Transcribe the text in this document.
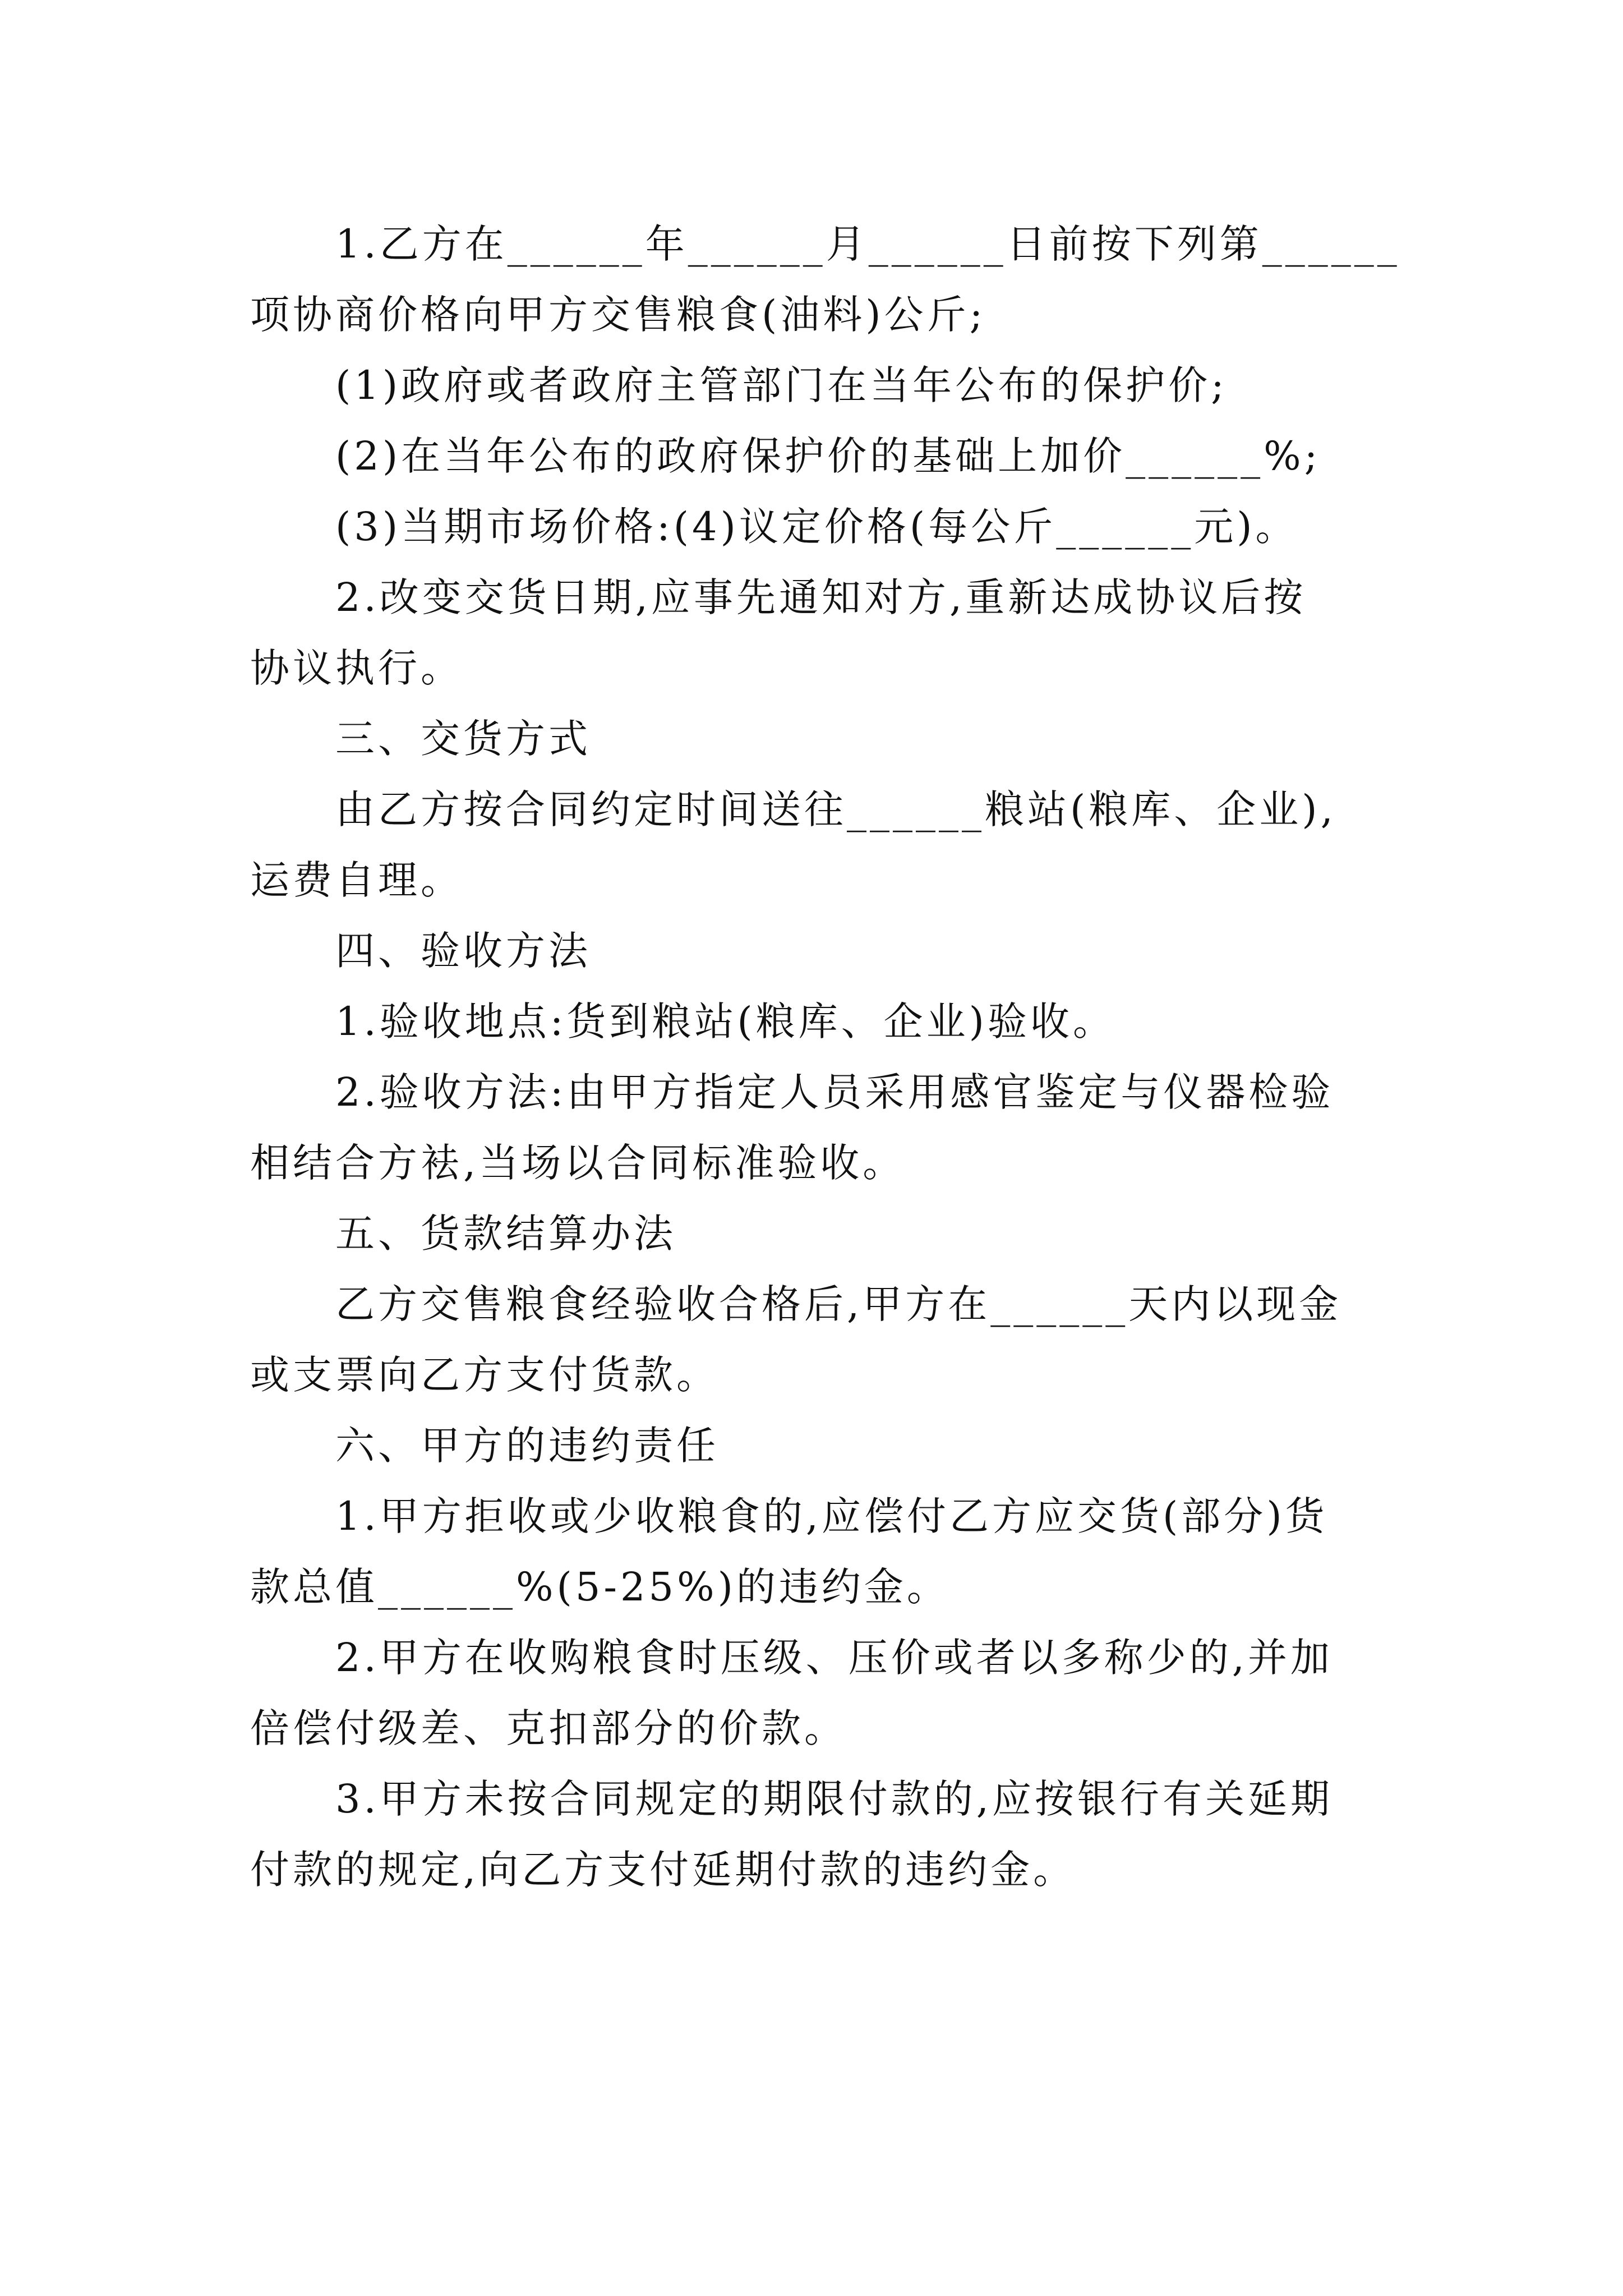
1.乙方在______年______月______日前按下列第______
项协商价格向甲方交售粮食(油料)公斤;
(1)政府或者政府主管部门在当年公布的保护价;
(2)在当年公布的政府保护价的基础上加价______%;
(3)当期市场价格:(4)议定价格(每公斤______元)。
2.改变交货日期,应事先通知对方,重新达成协议后按
协议执行。
三、交货方式
由乙方按合同约定时间送往______粮站(粮库、企业),
运费自理。
四、验收方法
1.验收地点:货到粮站(粮库、企业)验收。
2.验收方法:由甲方指定人员采用感官鉴定与仪器检验
相结合方袪,当场以合同标准验收。
五、货款结算办法
乙方交售粮食经验收合格后,甲方在______天内以现金
或支票向乙方支付货款。
六、甲方的违约责任
1.甲方拒收或少收粮食的,应偿付乙方应交货(部分)货
款总值______%(5-25%)的违约金。
2.甲方在收购粮食时压级、压价或者以多称少的,并加
倍偿付级差、克扣部分的价款。
3.甲方未按合同规定的期限付款的,应按银行有关延期
付款的规定,向乙方支付延期付款的违约金。
